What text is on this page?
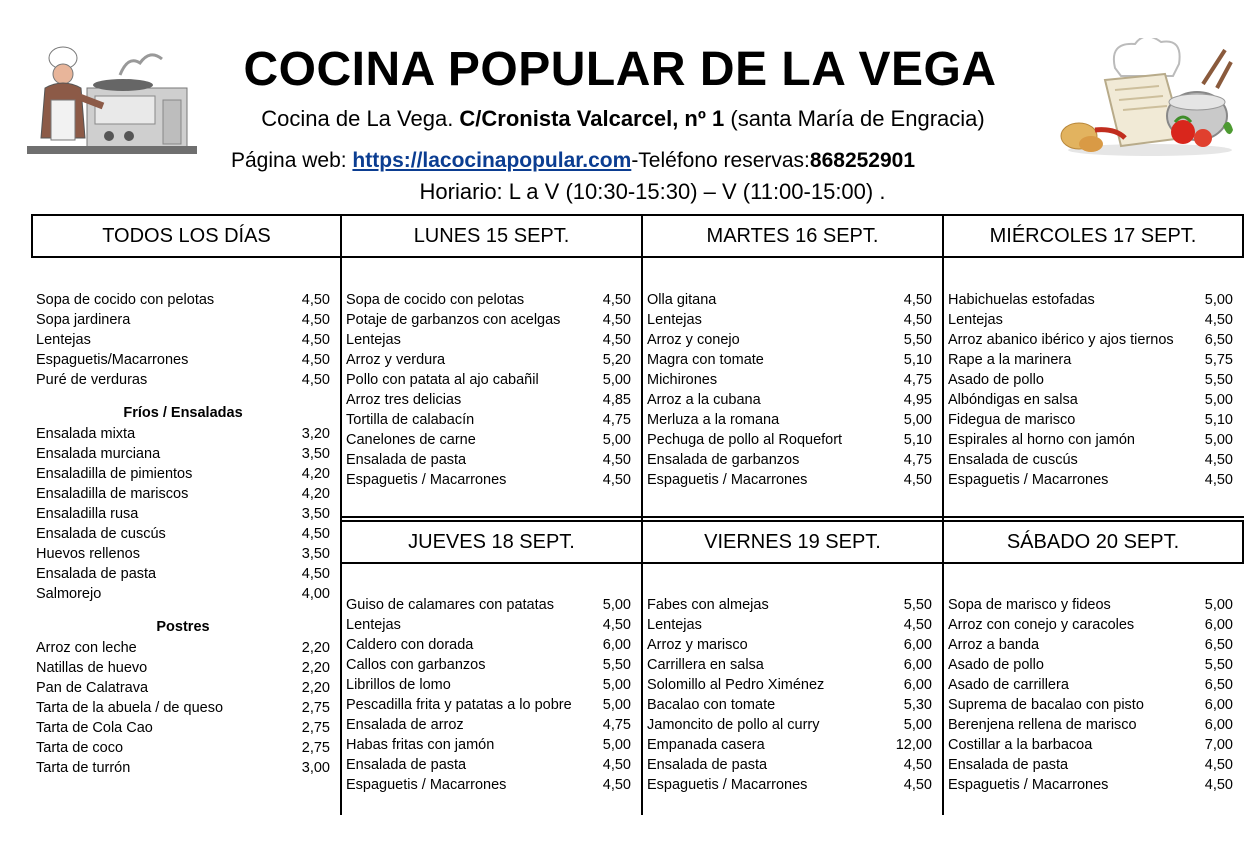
COCINA POPULAR DE LA VEGA
Cocina de La Vega. C/Cronista Valcarcel, nº 1 (santa María de Engracia)
Página web: https://lacocinapopular.com-Teléfono reservas:868252901
Horiario: L a V (10:30-15:30) – V (11:00-15:00) .
TODOS LOS DÍAS	LUNES 15 SEPT.	MARTES 16 SEPT.	MIÉRCOLES 17 SEPT.
JUEVES 18 SEPT.	VIERNES 19 SEPT.	SÁBADO 20 SEPT.
Sopa de cocido con pelotas	4,50
Sopa jardinera	4,50
Lentejas	4,50
Espaguetis/Macarrones	4,50
Puré de verduras	4,50
Fríos / Ensaladas
Ensalada mixta	3,20
Ensalada murciana	3,50
Ensaladilla de pimientos	4,20
Ensaladilla de mariscos	4,20
Ensaladilla rusa	3,50
Ensalada de cuscús	4,50
Huevos rellenos	3,50
Ensalada de pasta	4,50
Salmorejo	4,00
Postres
Arroz con leche	2,20
Natillas de huevo	2,20
Pan de Calatrava	2,20
Tarta de la abuela / de queso	2,75
Tarta de Cola Cao	2,75
Tarta de coco	2,75
Tarta de turrón	3,00
Sopa de cocido con pelotas	4,50
Potaje de garbanzos con acelgas	4,50
Lentejas	4,50
Arroz y verdura	5,20
Pollo con patata al ajo cabañil	5,00
Arroz tres delicias	4,85
Tortilla de calabacín	4,75
Canelones de carne	5,00
Ensalada de pasta	4,50
Espaguetis / Macarrones	4,50
Olla gitana	4,50
Lentejas	4,50
Arroz y conejo	5,50
Magra con tomate	5,10
Michirones	4,75
Arroz a la cubana	4,95
Merluza a la romana	5,00
Pechuga de pollo al Roquefort	5,10
Ensalada de garbanzos	4,75
Espaguetis / Macarrones	4,50
Habichuelas estofadas	5,00
Lentejas	4,50
Arroz abanico ibérico y ajos tiernos 6,50
Rape a la marinera	5,75
Asado de pollo	5,50
Albóndigas en salsa	5,00
Fidegua de marisco	5,10
Espirales al horno con jamón	5,00
Ensalada de cuscús	4,50
Espaguetis / Macarrones	4,50
Guiso de calamares con patatas	5,00
Lentejas	4,50
Caldero con dorada	6,00
Callos con garbanzos	5,50
Librillos de lomo	5,00
Pescadilla frita y patatas a lo pobre 5,00
Ensalada de arroz	4,75
Habas fritas con jamón	5,00
Ensalada de pasta	4,50
Espaguetis / Macarrones	4,50
Fabes con almejas	5,50
Lentejas	4,50
Arroz y marisco	6,00
Carrillera en salsa	6,00
Solomillo al Pedro Ximénez	6,00
Bacalao con tomate	5,30
Jamoncito de pollo al curry	5,00
Empanada casera	12,00
Ensalada de pasta	4,50
Espaguetis / Macarrones	4,50
Sopa de marisco y fideos	5,00
Arroz con conejo y caracoles	6,00
Arroz a banda	6,50
Asado de pollo	5,50
Asado de carrillera	6,50
Suprema de bacalao con pisto	6,00
Berenjena rellena de marisco	6,00
Costillar a la barbacoa	7,00
Ensalada de pasta	4,50
Espaguetis / Macarrones	4,50
